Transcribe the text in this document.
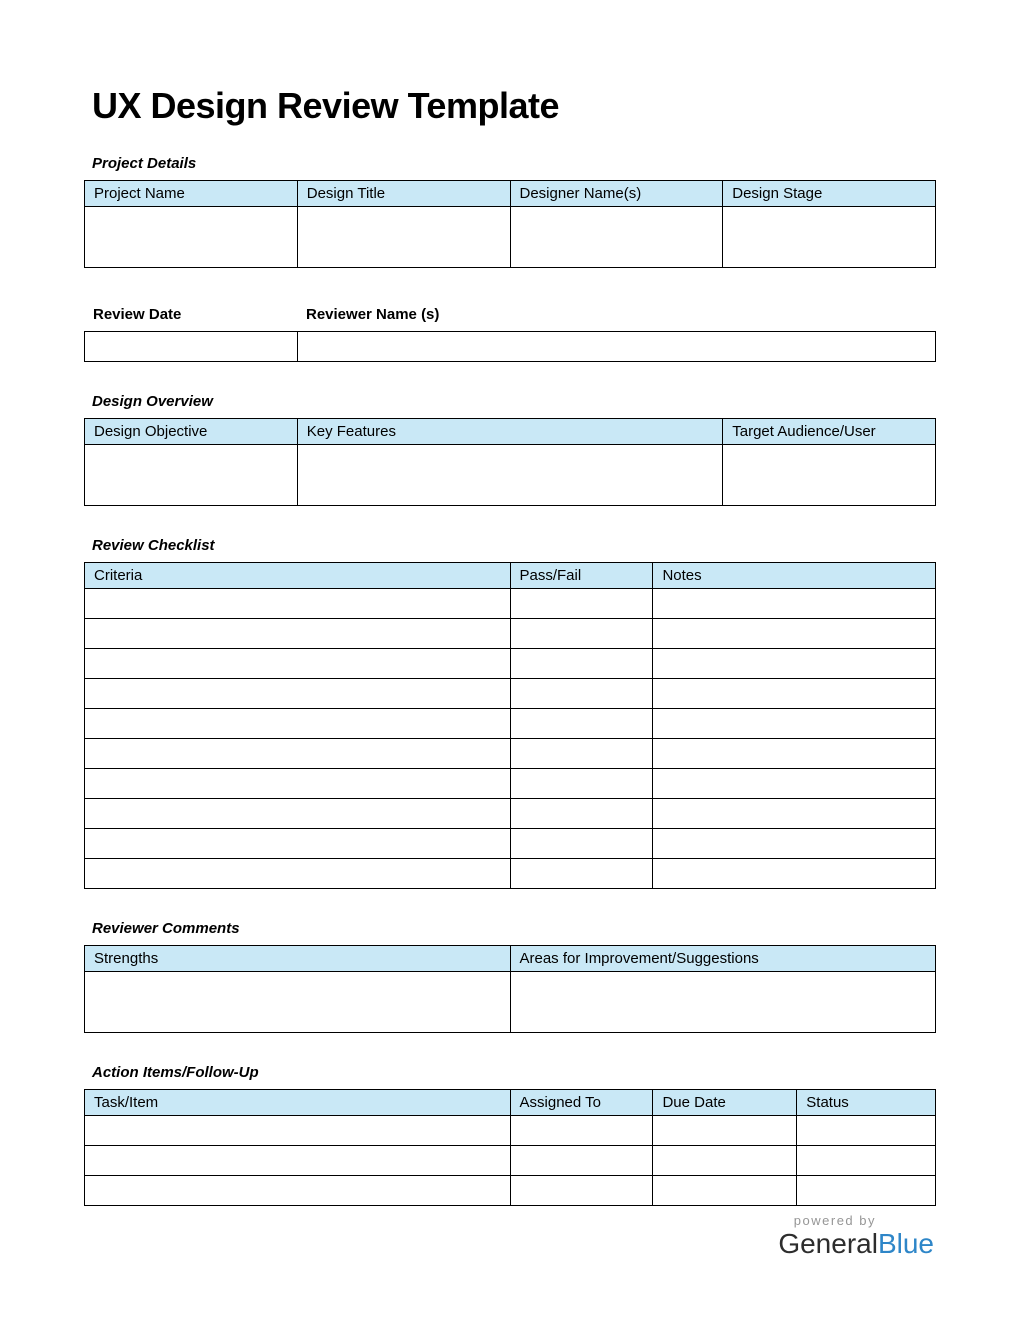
UX Design Review Template
Project Details
Project Name	Design Title	Designer Name(s)	Design Stage

Review Date	Reviewer Name (s)

Design Overview
Design Objective	Key Features	Target Audience/User

Review Checklist
Criteria	Pass/Fail	Notes

Reviewer Comments
Strengths	Areas for Improvement/Suggestions

Action Items/Follow-Up
Task/Item	Assigned To	Due Date	Status

powered by
GeneralBlue
